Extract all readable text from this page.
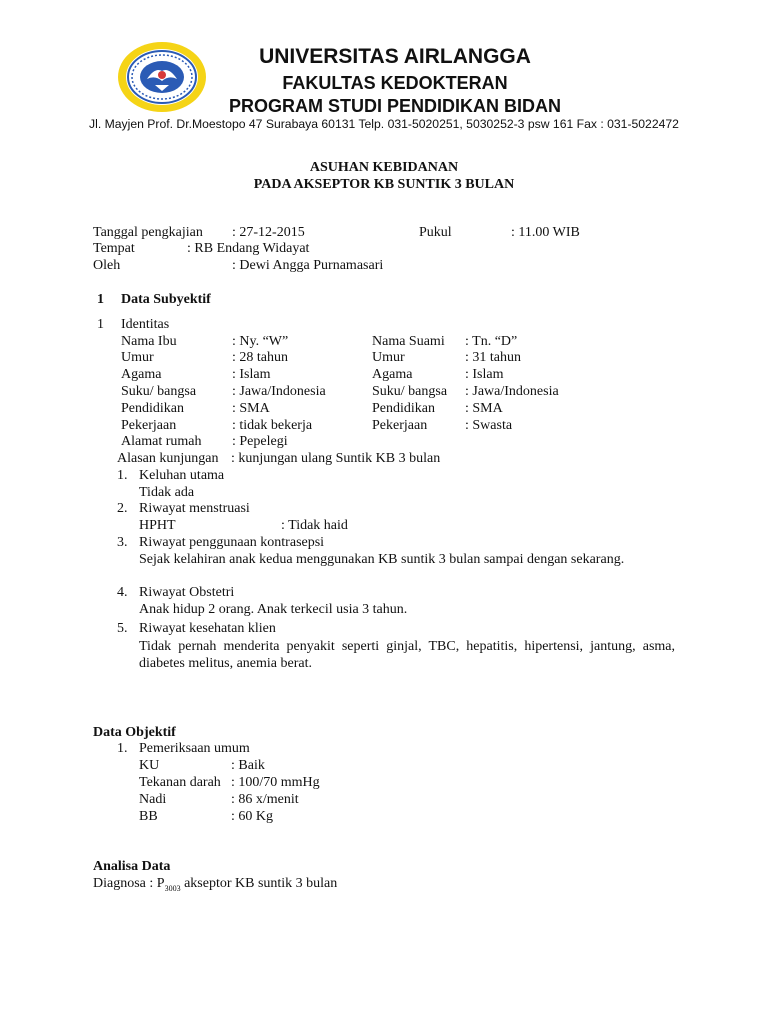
UNIVERSITAS AIRLANGGA
FAKULTAS KEDOKTERAN
PROGRAM STUDI PENDIDIKAN BIDAN
Jl. Mayjen Prof. Dr.Moestopo 47 Surabaya 60131 Telp. 031-5020251, 5030252-3 psw 161 Fax : 031-5022472
ASUHAN KEBIDANAN
PADA AKSEPTOR KB SUNTIK 3 BULAN
Tanggal pengkajian : 27-12-2015	Pukul	: 11.00 WIB
Tempat	: RB Endang Widayat
Oleh	: Dewi Angga Purnamasari
1 Data Subyektif
1 Identitas
Nama Ibu	: Ny. “W”	Nama Suami : Tn. “D”
Umur	: 28 tahun	Umur	: 31 tahun
Agama	: Islam	Agama	: Islam
Suku/ bangsa	: Jawa/Indonesia	Suku/ bangsa : Jawa/Indonesia
Pendidikan	: SMA	Pendidikan : SMA
Pekerjaan	: tidak bekerja	Pekerjaan	: Swasta
Alamat rumah : Pepelegi
Alasan kunjungan : kunjungan ulang Suntik KB 3 bulan
1. Keluhan utama
Tidak ada
2. Riwayat menstruasi
HPHT	: Tidak haid
3. Riwayat penggunaan kontrasepsi
Sejak kelahiran anak kedua menggunakan KB suntik 3 bulan sampai dengan sekarang.
4. Riwayat Obstetri
Anak hidup 2 orang. Anak terkecil usia 3 tahun.
5. Riwayat kesehatan klien
Tidak pernah menderita penyakit seperti ginjal, TBC, hepatitis, hipertensi, jantung, asma, diabetes melitus, anemia berat.
Data Objektif
1. Pemeriksaan umum
KU	: Baik
Tekanan darah : 100/70 mmHg
Nadi	: 86 x/menit
BB	: 60 Kg
Analisa Data
Diagnosa : $P_{3003}$ akseptor KB suntik 3 bulan
